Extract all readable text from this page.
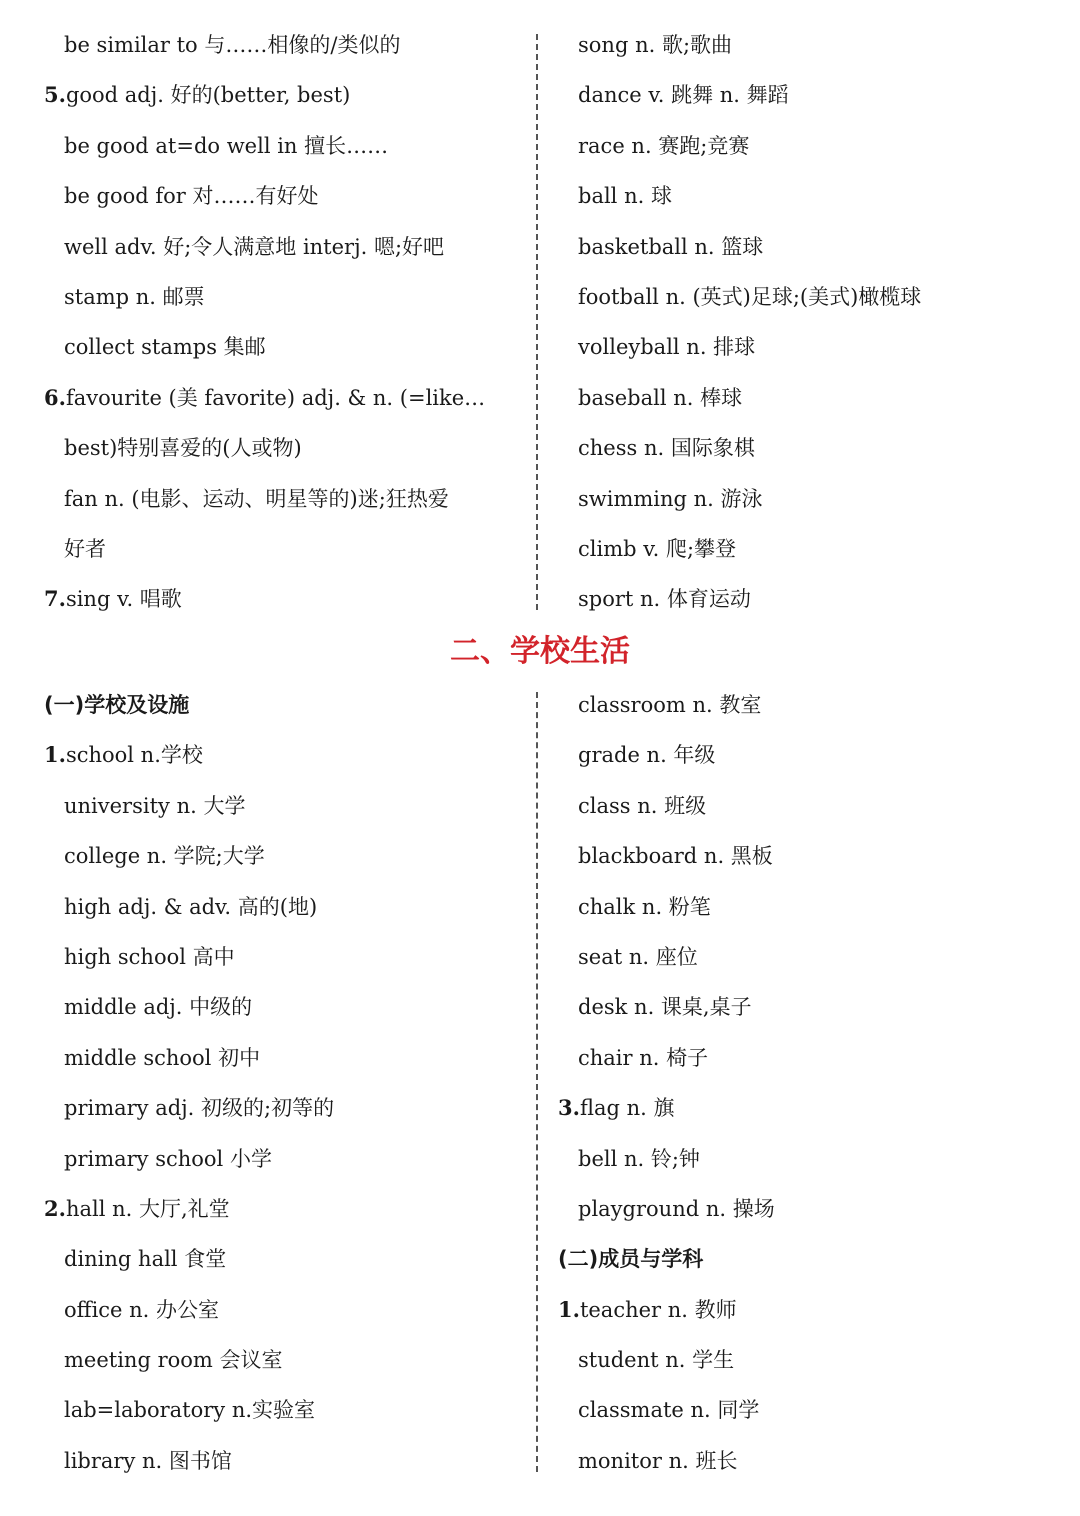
be similar to 与……相像的/类似的
5.good adj. 好的(better, best)
be good at=do well in 擅长……
be good for 对……有好处
well adv. 好;令人满意地 interj. 嗯;好吧
stamp n. 邮票
collect stamps 集邮
6.favourite (美 favorite) adj. & n. (=like…
best)特别喜爱的(人或物)
fan n. (电影、运动、明星等的)迷;狂热爱
好者
7.sing v. 唱歌
song n. 歌;歌曲
dance v. 跳舞 n. 舞蹈
race n. 赛跑;竞赛
ball n. 球
basketball n. 篮球
football n. (英式)足球;(美式)橄榄球
volleyball n. 排球
baseball n. 棒球
chess n. 国际象棋
swimming n. 游泳
climb v. 爬;攀登
sport n. 体育运动
二、学校生活
(一)学校及设施
1.school n.学校
university n. 大学
college n. 学院;大学
high adj. & adv. 高的(地)
high school 高中
middle adj. 中级的
middle school 初中
primary adj. 初级的;初等的
primary school 小学
2.hall n. 大厅,礼堂
dining hall 食堂
office n. 办公室
meeting room 会议室
lab=laboratory n.实验室
library n. 图书馆
classroom n. 教室
grade n. 年级
class n. 班级
blackboard n. 黑板
chalk n. 粉笔
seat n. 座位
desk n. 课桌,桌子
chair n. 椅子
3.flag n. 旗
bell n. 铃;钟
playground n. 操场
(二)成员与学科
1.teacher n. 教师
student n. 学生
classmate n. 同学
monitor n. 班长
